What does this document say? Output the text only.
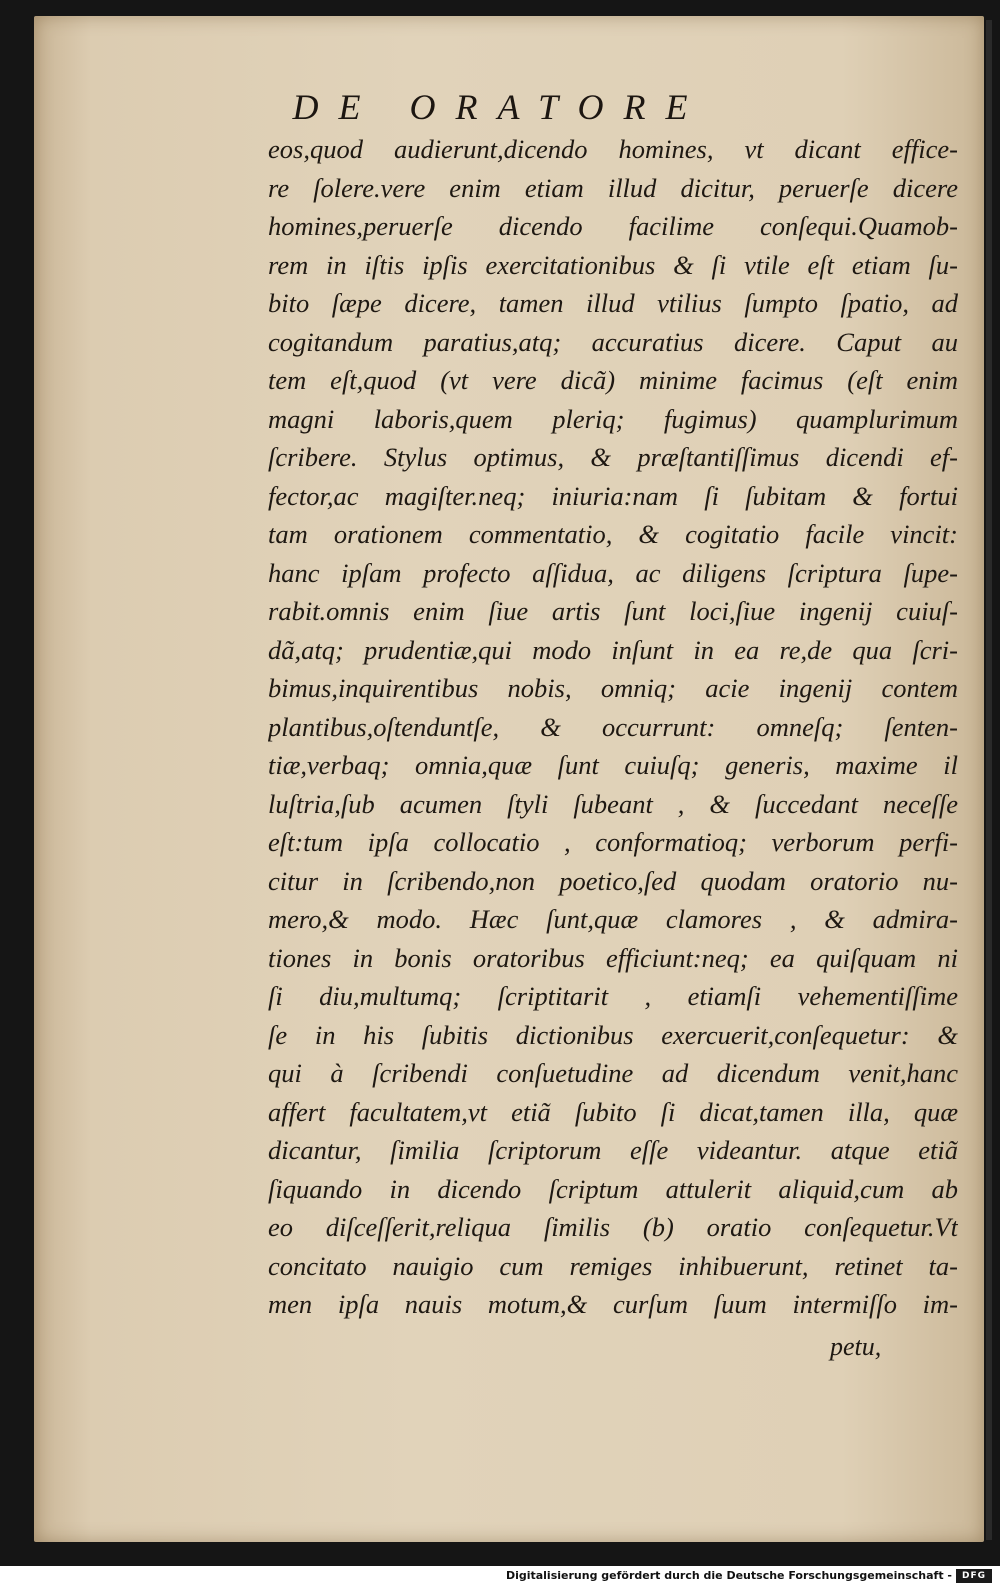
DE ORATORE
eos,quod audierunt,dicendo homines, vt dicant effice-
re ſolere.vere enim etiam illud dicitur, peruerſe dicere
homines,peruerſe dicendo facilime conſequi.Quamob-
rem in iſtis ipſis exercitationibus & ſi vtile eſt etiam ſu-
bito ſæpe dicere, tamen illud vtilius ſumpto ſpatio, ad
cogitandum paratius,atq; accuratius dicere. Caput au
tem eſt,quod (vt vere dicã) minime facimus (eſt enim
magni laboris,quem pleriq; fugimus) quamplurimum
ſcribere. Stylus optimus, & præſtantiſſimus dicendi ef-
fector,ac magiſter.neq; iniuria:nam ſi ſubitam & fortui
tam orationem commentatio, & cogitatio facile vincit:
hanc ipſam profecto aſſidua, ac diligens ſcriptura ſupe-
rabit.omnis enim ſiue artis ſunt loci,ſiue ingenij cuiuſ-
dã,atq; prudentiæ,qui modo inſunt in ea re,de qua ſcri-
bimus,inquirentibus nobis, omniq; acie ingenij contem
plantibus,oſtenduntſe, & occurrunt: omneſq; ſenten-
tiæ,verbaq; omnia,quæ ſunt cuiuſq; generis, maxime il
luſtria,ſub acumen ſtyli ſubeant , & ſuccedant neceſſe
eſt:tum ipſa collocatio , conformatioq; verborum perfi-
citur in ſcribendo,non poetico,ſed quodam oratorio nu-
mero,& modo. Hæc ſunt,quæ clamores , & admira-
tiones in bonis oratoribus efficiunt:neq; ea quiſquam ni
ſi diu,multumq; ſcriptitarit , etiamſi vehementiſſime
ſe in his ſubitis dictionibus exercuerit,conſequetur: &
qui à ſcribendi conſuetudine ad dicendum venit,hanc
affert facultatem,vt etiã ſubito ſi dicat,tamen illa, quæ
dicantur, ſimilia ſcriptorum eſſe videantur. atque etiã
ſiquando in dicendo ſcriptum attulerit aliquid,cum ab
eo diſceſſerit,reliqua ſimilis (b) oratio conſequetur.Vt
concitato nauigio cum remiges inhibuerunt, retinet ta-
men ipſa nauis motum,& curſum ſuum intermiſſo im-
petu,
Digitalisierung gefördert durch die Deutsche Forschungsgemeinschaft -	DFG
